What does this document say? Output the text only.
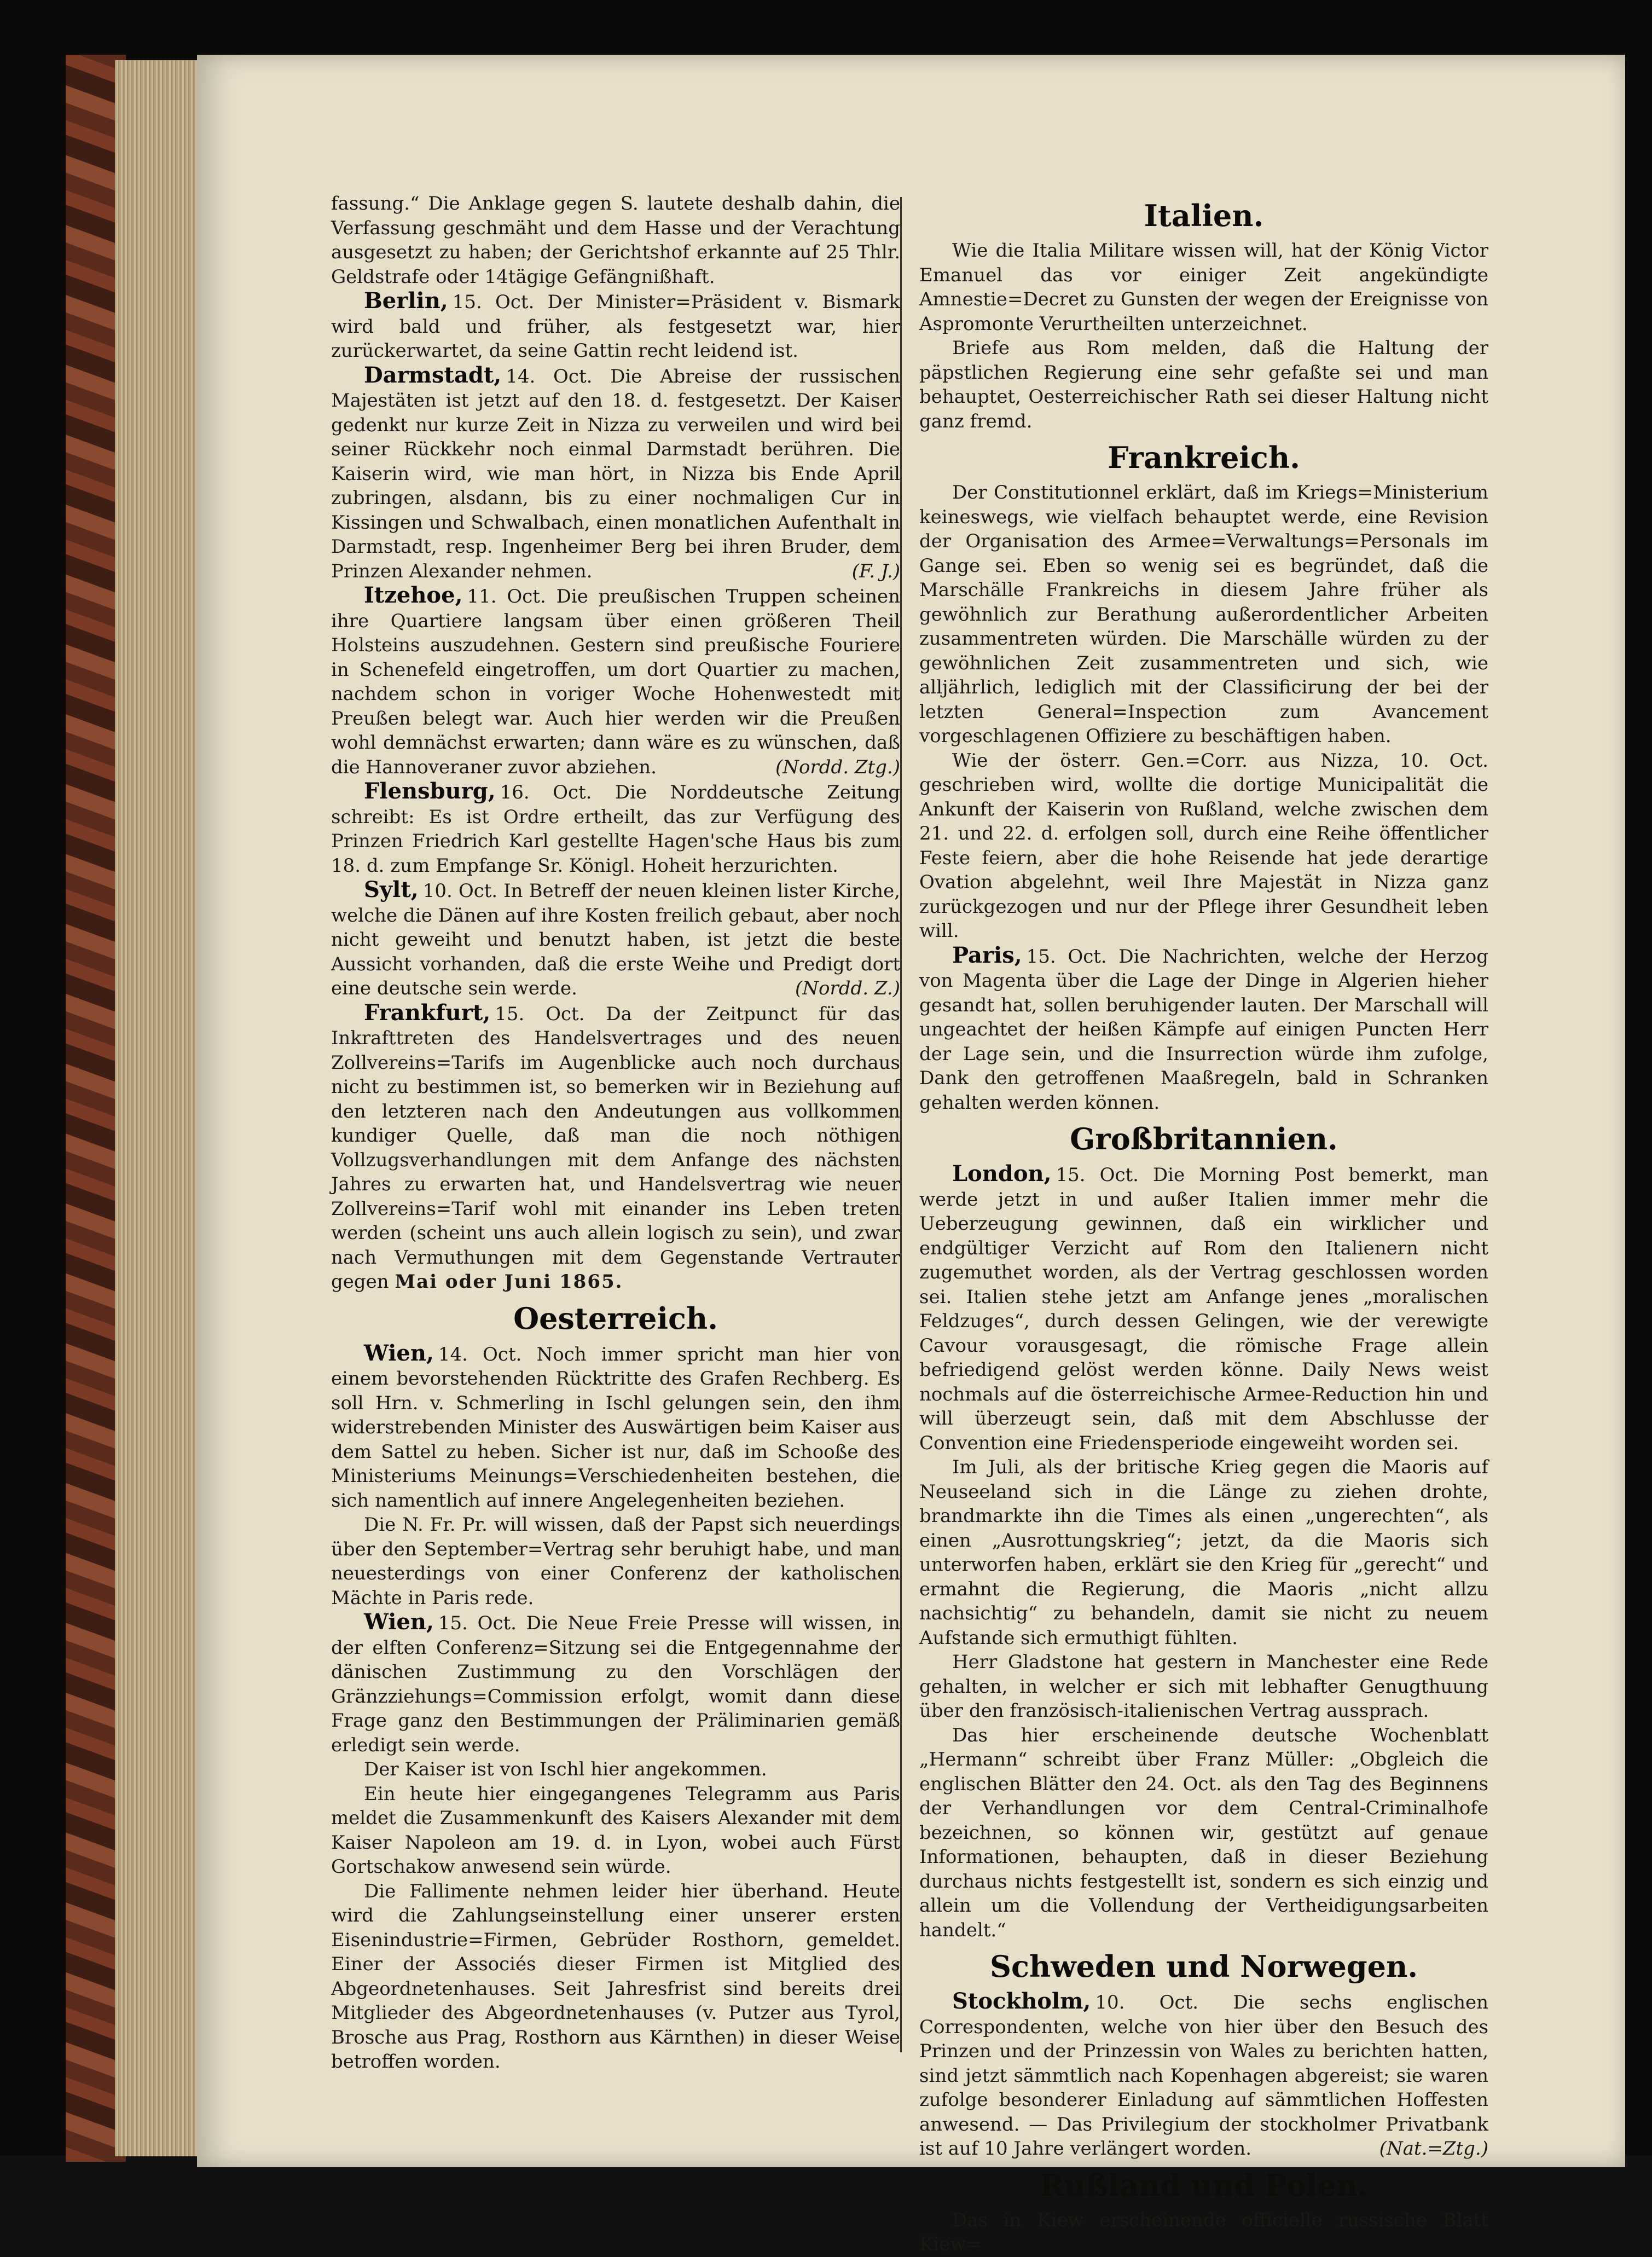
fassung.“ Die Anklage gegen S. lautete deshalb dahin, die Verfassung geschmäht und dem Hasse und der Verachtung ausgesetzt zu haben; der Gerichtshof erkannte auf 25 Thlr. Geldstrafe oder 14tägige Gefängnißhaft.

Berlin, 15. Oct. Der Minister=Präsident v. Bismark wird bald und früher, als festgesetzt war, hier zurückerwartet, da seine Gattin recht leidend ist.

Darmstadt, 14. Oct. Die Abreise der russischen Majestäten ist jetzt auf den 18. d. festgesetzt. Der Kaiser gedenkt nur kurze Zeit in Nizza zu verweilen und wird bei seiner Rückkehr noch einmal Darmstadt berühren. Die Kaiserin wird, wie man hört, in Nizza bis Ende April zubringen, alsdann, bis zu einer nochmaligen Cur in Kissingen und Schwalbach, einen monatlichen Aufenthalt in Darmstadt, resp. Ingenheimer Berg bei ihren Bruder, dem Prinzen Alexander nehmen.	(F. J.)

Itzehoe, 11. Oct. Die preußischen Truppen scheinen ihre Quartiere langsam über einen größeren Theil Holsteins auszudehnen. Gestern sind preußische Fouriere in Schenefeld eingetroffen, um dort Quartier zu machen, nachdem schon in voriger Woche Hohenwestedt mit Preußen belegt war. Auch hier werden wir die Preußen wohl demnächst erwarten; dann wäre es zu wünschen, daß die Hannoveraner zuvor abziehen.	(Nordd. Ztg.)

Flensburg, 16. Oct. Die Norddeutsche Zeitung schreibt: Es ist Ordre ertheilt, das zur Verfügung des Prinzen Friedrich Karl gestellte Hagen'sche Haus bis zum 18. d. zum Empfange Sr. Königl. Hoheit herzurichten.

Sylt, 10. Oct. In Betreff der neuen kleinen lister Kirche, welche die Dänen auf ihre Kosten freilich gebaut, aber noch nicht geweiht und benutzt haben, ist jetzt die beste Aussicht vorhanden, daß die erste Weihe und Predigt dort eine deutsche sein werde.	(Nordd. Z.)

Frankfurt, 15. Oct. Da der Zeitpunct für das Inkrafttreten des Handelsvertrages und des neuen Zollvereins=Tarifs im Augenblicke auch noch durchaus nicht zu bestimmen ist, so bemerken wir in Beziehung auf den letzteren nach den Andeutungen aus vollkommen kundiger Quelle, daß man die noch nöthigen Vollzugsverhandlungen mit dem Anfange des nächsten Jahres zu erwarten hat, und Handelsvertrag wie neuer Zollvereins=Tarif wohl mit einander ins Leben treten werden (scheint uns auch allein logisch zu sein), und zwar nach Vermuthungen mit dem Gegenstande Vertrauter gegen Mai oder Juni 1865.

Oesterreich.

Wien, 14. Oct. Noch immer spricht man hier von einem bevorstehenden Rücktritte des Grafen Rechberg. Es soll Hrn. v. Schmerling in Ischl gelungen sein, den ihm widerstrebenden Minister des Auswärtigen beim Kaiser aus dem Sattel zu heben. Sicher ist nur, daß im Schooße des Ministeriums Meinungs=Verschiedenheiten bestehen, die sich namentlich auf innere Angelegenheiten beziehen.

Die N. Fr. Pr. will wissen, daß der Papst sich neuerdings über den September=Vertrag sehr beruhigt habe, und man neuesterdings von einer Conferenz der katholischen Mächte in Paris rede.

Wien, 15. Oct. Die Neue Freie Presse will wissen, in der elften Conferenz=Sitzung sei die Entgegennahme der dänischen Zustimmung zu den Vorschlägen der Gränzziehungs=Commission erfolgt, womit dann diese Frage ganz den Bestimmungen der Präliminarien gemäß erledigt sein werde.

Der Kaiser ist von Ischl hier angekommen.

Ein heute hier eingegangenes Telegramm aus Paris meldet die Zusammenkunft des Kaisers Alexander mit dem Kaiser Napoleon am 19. d. in Lyon, wobei auch Fürst Gortschakow anwesend sein würde.

Die Fallimente nehmen leider hier überhand. Heute wird die Zahlungseinstellung einer unserer ersten Eisenindustrie=Firmen, Gebrüder Rosthorn, gemeldet. Einer der Associés dieser Firmen ist Mitglied des Abgeordnetenhauses. Seit Jahresfrist sind bereits drei Mitglieder des Abgeordnetenhauses (v. Putzer aus Tyrol, Brosche aus Prag, Rosthorn aus Kärnthen) in dieser Weise betroffen worden.

Italien.

Wie die Italia Militare wissen will, hat der König Victor Emanuel das vor einiger Zeit angekündigte Amnestie=Decret zu Gunsten der wegen der Ereignisse von Aspromonte Verurtheilten unterzeichnet.

Briefe aus Rom melden, daß die Haltung der päpstlichen Regierung eine sehr gefaßte sei und man behauptet, Oesterreichischer Rath sei dieser Haltung nicht ganz fremd.

Frankreich.

Der Constitutionnel erklärt, daß im Kriegs=Ministerium keineswegs, wie vielfach behauptet werde, eine Revision der Organisation des Armee=Verwaltungs=Personals im Gange sei. Eben so wenig sei es begründet, daß die Marschälle Frankreichs in diesem Jahre früher als gewöhnlich zur Berathung außerordentlicher Arbeiten zusammentreten würden. Die Marschälle würden zu der gewöhnlichen Zeit zusammentreten und sich, wie alljährlich, lediglich mit der Classificirung der bei der letzten General=Inspection zum Avancement vorgeschlagenen Offiziere zu beschäftigen haben.

Wie der österr. Gen.=Corr. aus Nizza, 10. Oct. geschrieben wird, wollte die dortige Municipalität die Ankunft der Kaiserin von Rußland, welche zwischen dem 21. und 22. d. erfolgen soll, durch eine Reihe öffentlicher Feste feiern, aber die hohe Reisende hat jede derartige Ovation abgelehnt, weil Ihre Majestät in Nizza ganz zurückgezogen und nur der Pflege ihrer Gesundheit leben will.

Paris, 15. Oct. Die Nachrichten, welche der Herzog von Magenta über die Lage der Dinge in Algerien hieher gesandt hat, sollen beruhigender lauten. Der Marschall will ungeachtet der heißen Kämpfe auf einigen Puncten Herr der Lage sein, und die Insurrection würde ihm zufolge, Dank den getroffenen Maaßregeln, bald in Schranken gehalten werden können.

Großbritannien.

London, 15. Oct. Die Morning Post bemerkt, man werde jetzt in und außer Italien immer mehr die Ueberzeugung gewinnen, daß ein wirklicher und endgültiger Verzicht auf Rom den Italienern nicht zugemuthet worden, als der Vertrag geschlossen worden sei. Italien stehe jetzt am Anfange jenes „moralischen Feldzuges“, durch dessen Gelingen, wie der verewigte Cavour vorausgesagt, die römische Frage allein befriedigend gelöst werden könne. Daily News weist nochmals auf die österreichische Armee-Reduction hin und will überzeugt sein, daß mit dem Abschlusse der Convention eine Friedensperiode eingeweiht worden sei.

Im Juli, als der britische Krieg gegen die Maoris auf Neuseeland sich in die Länge zu ziehen drohte, brandmarkte ihn die Times als einen „ungerechten“, als einen „Ausrottungskrieg“; jetzt, da die Maoris sich unterworfen haben, erklärt sie den Krieg für „gerecht“ und ermahnt die Regierung, die Maoris „nicht allzu nachsichtig“ zu behandeln, damit sie nicht zu neuem Aufstande sich ermuthigt fühlten.

Herr Gladstone hat gestern in Manchester eine Rede gehalten, in welcher er sich mit lebhafter Genugthuung über den französisch-italienischen Vertrag aussprach.

Das hier erscheinende deutsche Wochenblatt „Hermann“ schreibt über Franz Müller: „Obgleich die englischen Blätter den 24. Oct. als den Tag des Beginnens der Verhandlungen vor dem Central-Criminalhofe bezeichnen, so können wir, gestützt auf genaue Informationen, behaupten, daß in dieser Beziehung durchaus nichts festgestellt ist, sondern es sich einzig und allein um die Vollendung der Vertheidigungsarbeiten handelt.“

Schweden und Norwegen.

Stockholm, 10. Oct. Die sechs englischen Correspondenten, welche von hier über den Besuch des Prinzen und der Prinzessin von Wales zu berichten hatten, sind jetzt sämmtlich nach Kopenhagen abgereist; sie waren zufolge besonderer Einladung auf sämmtlichen Hoffesten anwesend. — Das Privilegium der stockholmer Privatbank ist auf 10 Jahre verlängert worden.	(Nat.=Ztg.)

Rußland und Polen.

Das in Kiew erscheinende officielle russische Blatt Kiew=
